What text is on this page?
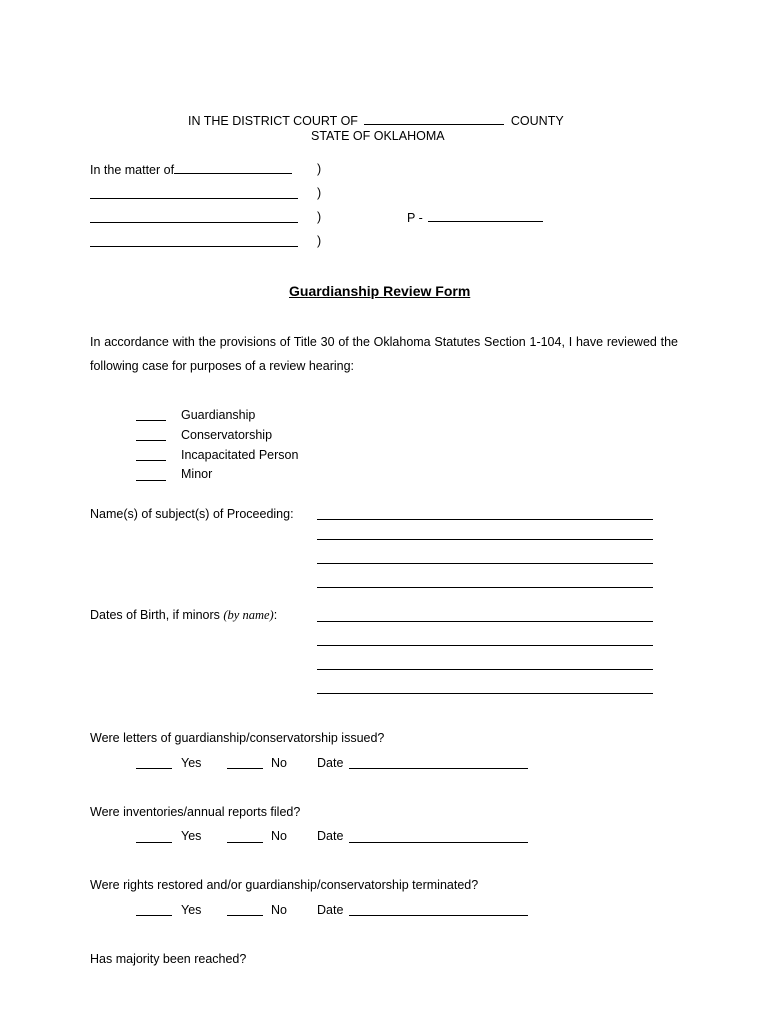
IN THE DISTRICT COURT OF	COUNTY
STATE OF OKLAHOMA
In the matter of	)
)
)
)
P -
Guardianship Review Form
In accordance with the provisions of Title 30 of the Oklahoma Statutes Section 1-104, I have reviewed the following case for purposes of a review hearing:
Guardianship
Conservatorship
Incapacitated Person
Minor
Name(s) of subject(s) of Proceeding:
Dates of Birth, if minors (by name):
Were letters of guardianship/conservatorship issued?
Yes	No Date
Were inventories/annual reports filed?
Yes	No Date
Were rights restored and/or guardianship/conservatorship terminated?
Yes	No Date
Has majority been reached?
